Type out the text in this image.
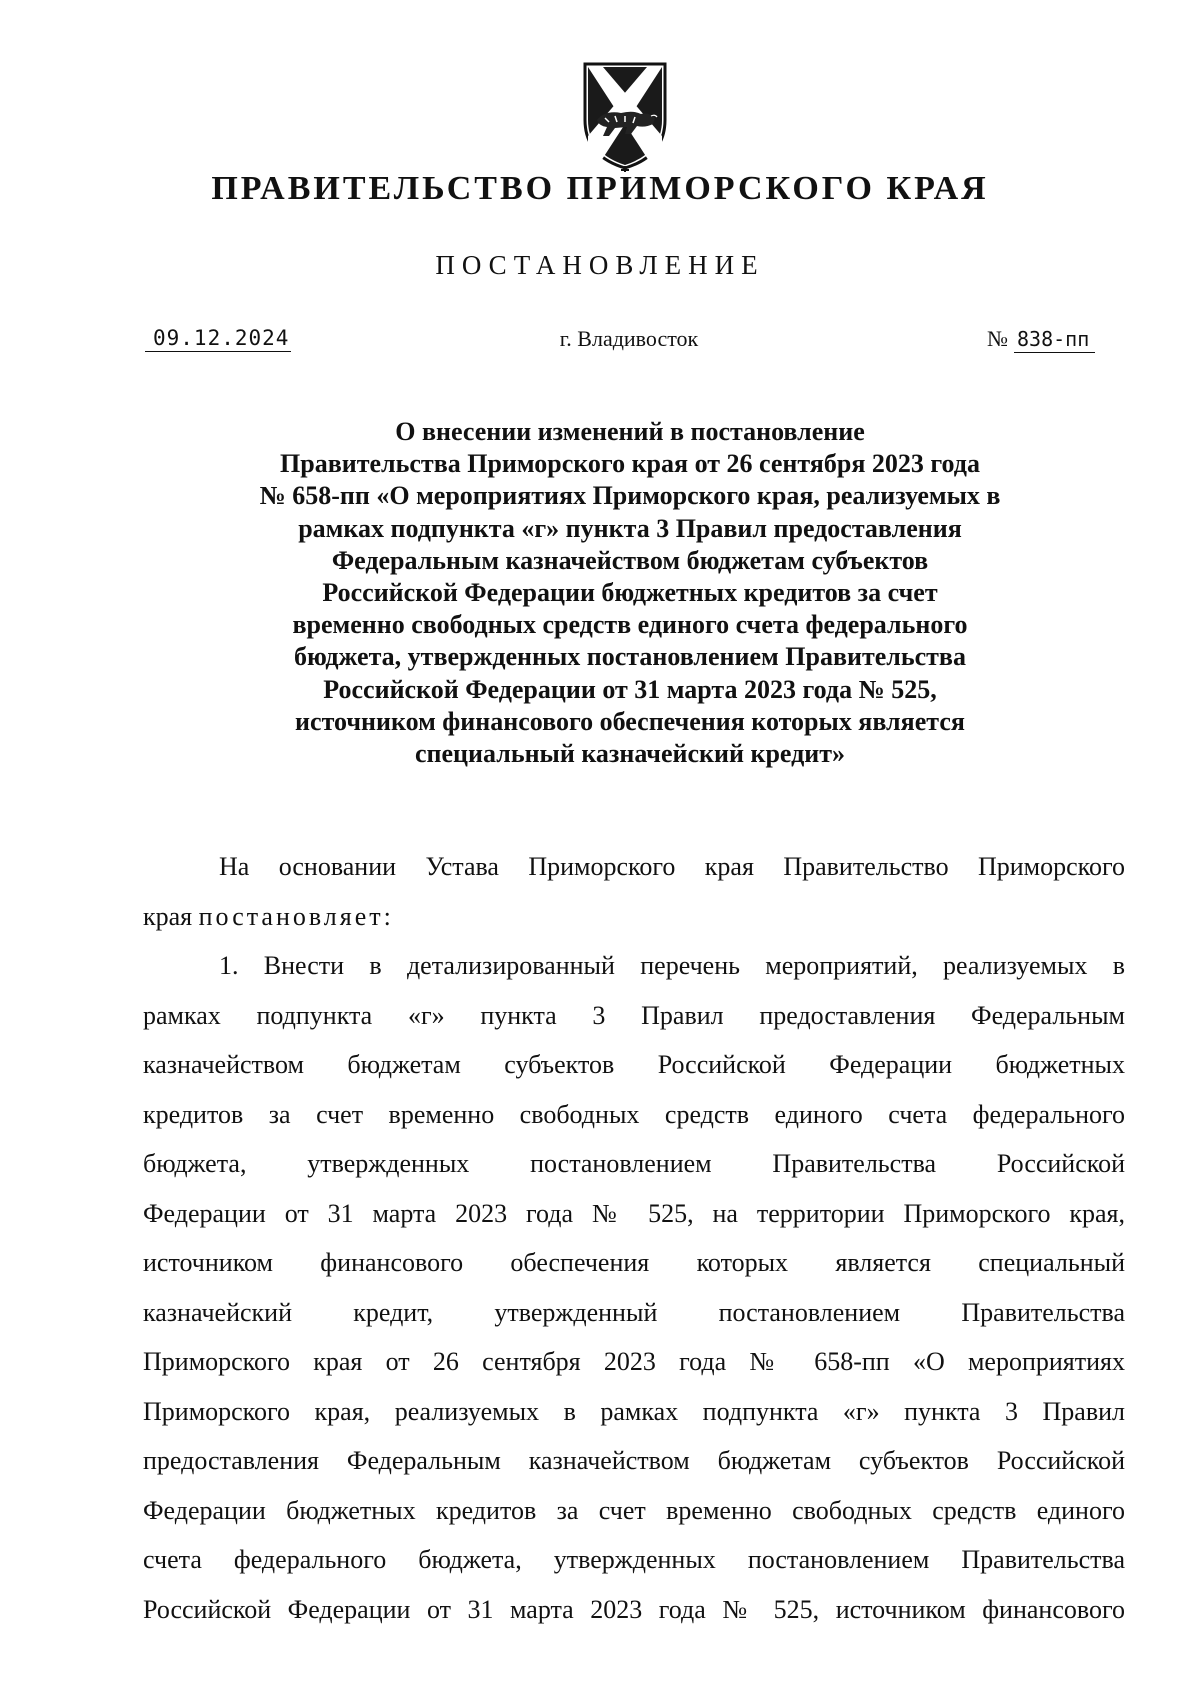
ПРАВИТЕЛЬСТВО ПРИМОРСКОГО КРАЯ
ПОСТАНОВЛЕНИЕ
09.12.2024	г. Владивосток	№ 838-пп
О внесении изменений в постановление
Правительства Приморского края от 26 сентября 2023 года
№ 658-пп «О мероприятиях Приморского края, реализуемых в
рамках подпункта «г» пункта 3 Правил предоставления
Федеральным казначейством бюджетам субъектов
Российской Федерации бюджетных кредитов за счет
временно свободных средств единого счета федерального
бюджета, утвержденных постановлением Правительства
Российской Федерации от 31 марта 2023 года № 525,
источником финансового обеспечения которых является
специальный казначейский кредит»
На основании Устава Приморского края Правительство Приморского
края постановляет:
1. Внести в детализированный перечень мероприятий, реализуемых в
рамках подпункта «г» пункта 3 Правил предоставления Федеральным
казначейством бюджетам субъектов Российской Федерации бюджетных
кредитов за счет временно свободных средств единого счета федерального
бюджета, утвержденных постановлением Правительства Российской
Федерации от 31 марта 2023 года № 525, на территории Приморского края,
источником финансового обеспечения которых является специальный
казначейский кредит, утвержденный постановлением Правительства
Приморского края от 26 сентября 2023 года № 658-пп «О мероприятиях
Приморского края, реализуемых в рамках подпункта «г» пункта 3 Правил
предоставления Федеральным казначейством бюджетам субъектов Российской
Федерации бюджетных кредитов за счет временно свободных средств единого
счета федерального бюджета, утвержденных постановлением Правительства
Российской Федерации от 31 марта 2023 года № 525, источником финансового
